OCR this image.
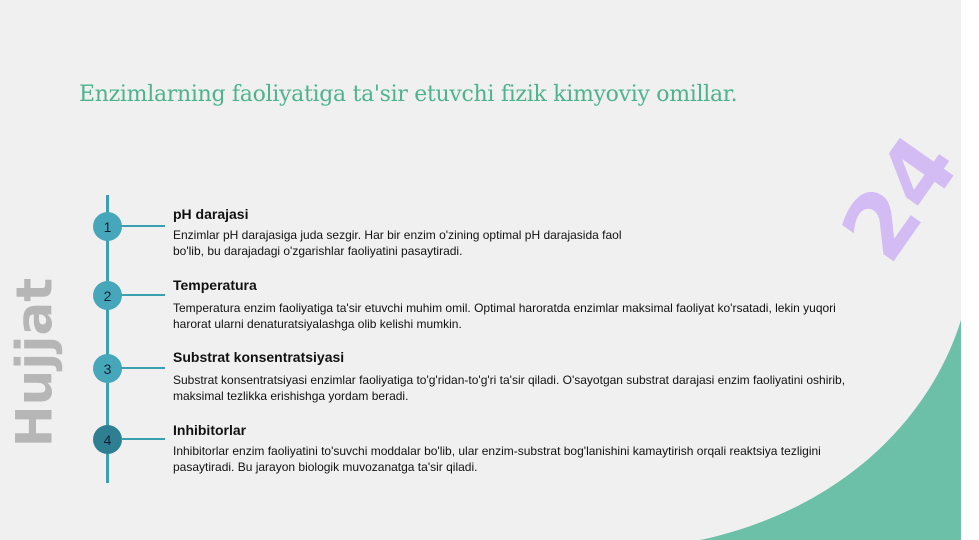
Hujjat
24
Enzimlarning faoliyatiga ta'sir etuvchi fizik kimyoviy omillar.
1
pH darajasi
Enzimlar pH darajasiga juda sezgir. Har bir enzim o'zining optimal pH darajasida faol bo'lib, bu darajadagi o'zgarishlar faoliyatini pasaytiradi.
2
Temperatura
Temperatura enzim faoliyatiga ta'sir etuvchi muhim omil. Optimal haroratda enzimlar maksimal faoliyat ko'rsatadi, lekin yuqori harorat ularni denaturatsiyalashga olib kelishi mumkin.
3
Substrat konsentratsiyasi
Substrat konsentratsiyasi enzimlar faoliyatiga to'g'ridan-to'g'ri ta'sir qiladi. O'sayotgan substrat darajasi enzim faoliyatini oshirib, maksimal tezlikka erishishga yordam beradi.
4
Inhibitorlar
Inhibitorlar enzim faoliyatini to'suvchi moddalar bo'lib, ular enzim-substrat bog'lanishini kamaytirish orqali reaktsiya tezligini pasaytiradi. Bu jarayon biologik muvozanatga ta'sir qiladi.
